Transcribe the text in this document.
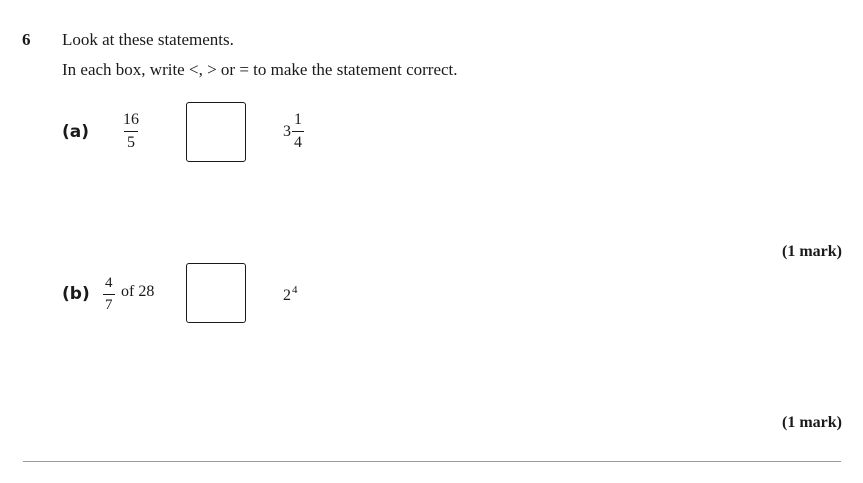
6 Look at these statements.
In each box, write <, > or = to make the statement correct.
$(a) \frac{16}{5}$	$3 \frac{1}{4}$
(1 mark)
$(b) \frac{4}{7}$ of 28	$2^4$
(1 mark)
